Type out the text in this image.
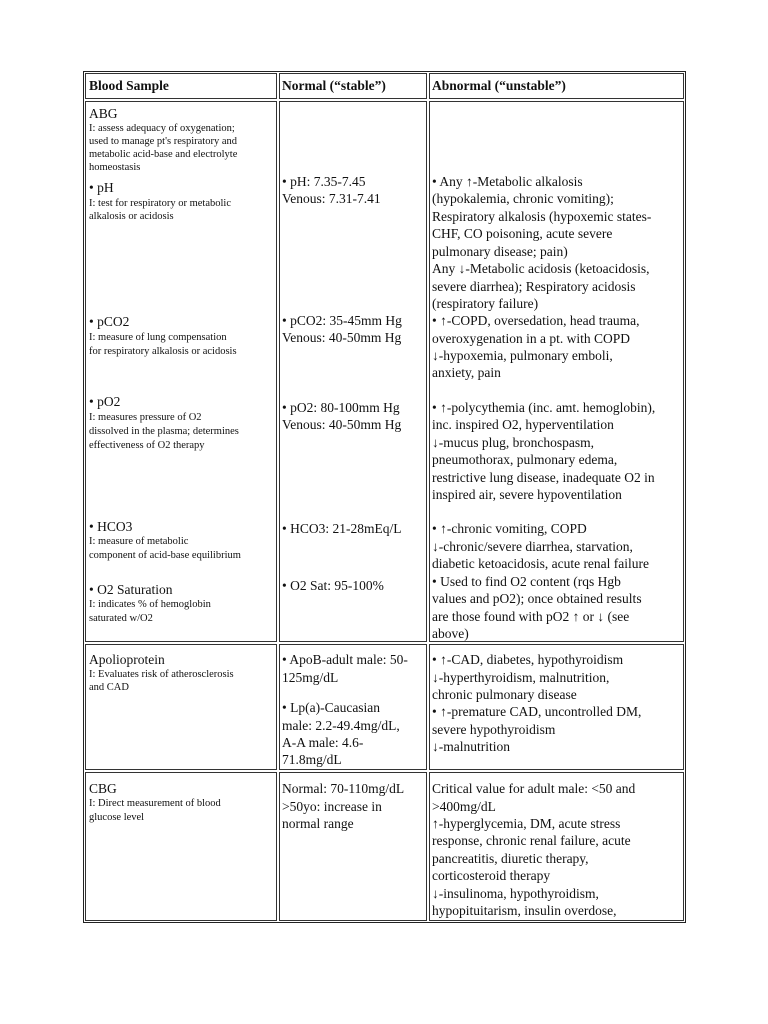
Blood Sample	Normal (“stable”)	Abnormal (“unstable”)
ABG
I: assess adequacy of oxygenation;
used to manage pt's respiratory and
metabolic acid-base and electrolyte
homeostasis
• pH
I: test for respiratory or metabolic
alkalosis or acidosis
• pCO2
I: measure of lung compensation
for respiratory alkalosis or acidosis
• pO2
I: measures pressure of O2
dissolved in the plasma; determines
effectiveness of O2 therapy
• HCO3
I: measure of metabolic
component of acid-base equilibrium
• O2 Saturation
I: indicates % of hemoglobin
saturated w/O2
• pH: 7.35-7.45
Venous: 7.31-7.41
• pCO2: 35-45mm Hg
Venous: 40-50mm Hg
• pO2: 80-100mm Hg
Venous: 40-50mm Hg
• HCO3: 21-28mEq/L
• O2 Sat: 95-100%
• Any ↑-Metabolic alkalosis
(hypokalemia, chronic vomiting);
Respiratory alkalosis (hypoxemic states-
CHF, CO poisoning, acute severe
pulmonary disease; pain)
Any ↓-Metabolic acidosis (ketoacidosis,
severe diarrhea); Respiratory acidosis
(respiratory failure)
• ↑-COPD, oversedation, head trauma,
overoxygenation in a pt. with COPD
↓-hypoxemia, pulmonary emboli,
anxiety, pain
• ↑-polycythemia (inc. amt. hemoglobin),
inc. inspired O2, hyperventilation
↓-mucus plug, bronchospasm,
pneumothorax, pulmonary edema,
restrictive lung disease, inadequate O2 in
inspired air, severe hypoventilation
• ↑-chronic vomiting, COPD
↓-chronic/severe diarrhea, starvation,
diabetic ketoacidosis, acute renal failure
• Used to find O2 content (rqs Hgb
values and pO2); once obtained results
are those found with pO2 ↑ or ↓ (see
above)
Apolioprotein
I: Evaluates risk of atherosclerosis
and CAD
• ApoB-adult male: 50-
125mg/dL
• Lp(a)-Caucasian
male: 2.2-49.4mg/dL,
A-A male: 4.6-
71.8mg/dL
• ↑-CAD, diabetes, hypothyroidism
↓-hyperthyroidism, malnutrition,
chronic pulmonary disease
• ↑-premature CAD, uncontrolled DM,
severe hypothyroidism
↓-malnutrition
CBG
I: Direct measurement of blood
glucose level
Normal: 70-110mg/dL
>50yo: increase in
normal range
Critical value for adult male: <50 and
>400mg/dL
↑-hyperglycemia, DM, acute stress
response, chronic renal failure, acute
pancreatitis, diuretic therapy,
corticosteroid therapy
↓-insulinoma, hypothyroidism,
hypopituitarism, insulin overdose,
